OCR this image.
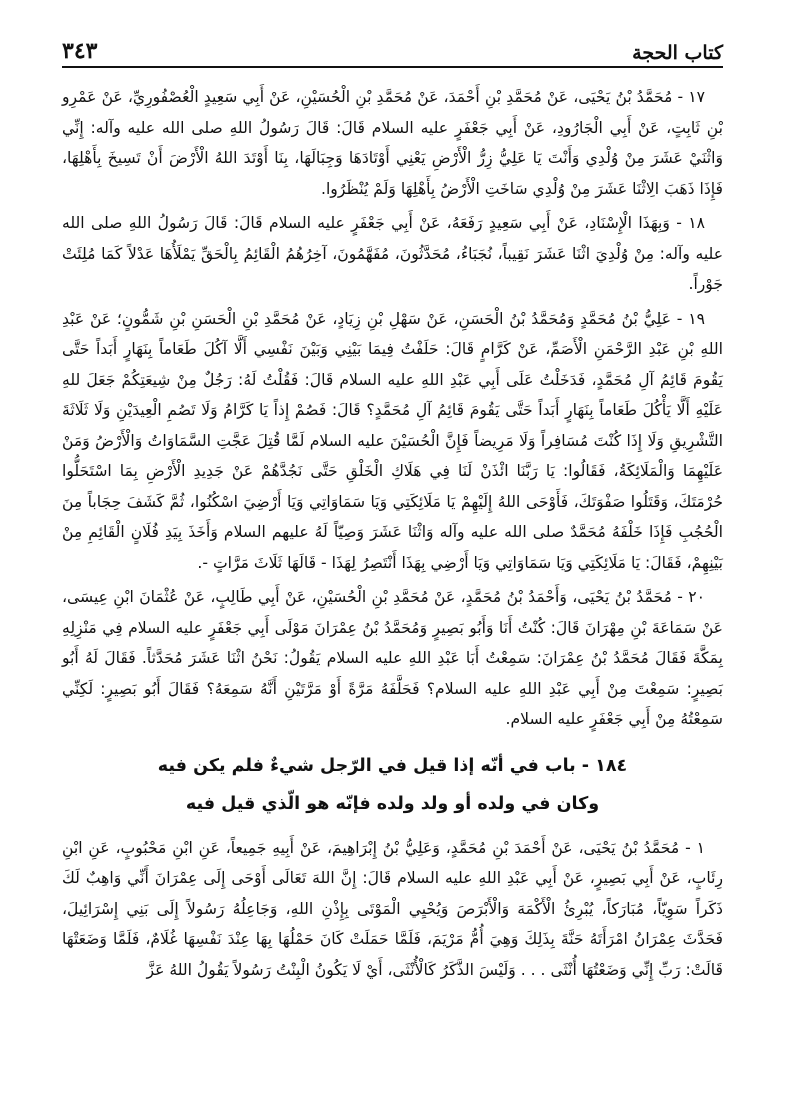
٣٤٣	كتاب الحجة

١٧ - مُحَمَّدُ بْنُ يَحْيَى، عَنْ مُحَمَّدِ بْنِ أَحْمَدَ، عَنْ مُحَمَّدِ بْنِ الْحُسَيْنِ، عَنْ أَبِي سَعِيدٍ الْعُصْفُورِيِّ، عَنْ عَمْرِو بْنِ ثَابِتٍ، عَنْ أَبِي الْجَارُودِ، عَنْ أَبِي جَعْفَرٍ عليه السلام قَالَ: قَالَ رَسُولُ اللهِ صلى الله عليه وآله: إِنِّي وَاثْنَيْ عَشَرَ مِنْ وُلْدِي وَأَنْتَ يَا عَلِيُّ زِرُّ الْأَرْضِ يَعْنِي أَوْتَادَهَا وَجِبَالَهَا، بِنَا أَوْتَدَ اللهُ الْأَرْضَ أَنْ تَسِيخَ بِأَهْلِهَا، فَإِذَا ذَهَبَ الِاثْنَا عَشَرَ مِنْ وُلْدِي سَاخَتِ الْأَرْضُ بِأَهْلِهَا وَلَمْ يُنْظَرُوا.

١٨ - وَبِهَذَا الْإِسْنَادِ، عَنْ أَبِي سَعِيدٍ رَفَعَهُ، عَنْ أَبِي جَعْفَرٍ عليه السلام قَالَ: قَالَ رَسُولُ اللهِ صلى الله عليه وآله: مِنْ وُلْدِيَ اثْنَا عَشَرَ نَقِيباً، نُجَبَاءُ، مُحَدَّثُونَ، مُفَهَّمُونَ، آخِرُهُمُ الْقَائِمُ بِالْحَقِّ يَمْلَأُهَا عَدْلاً كَمَا مُلِئَتْ جَوْراً.

١٩ - عَلِيُّ بْنُ مُحَمَّدٍ وَمُحَمَّدُ بْنُ الْحَسَنِ، عَنْ سَهْلِ بْنِ زِيَادٍ، عَنْ مُحَمَّدِ بْنِ الْحَسَنِ بْنِ شَمُّونٍ؛ عَنْ عَبْدِ اللهِ بْنِ عَبْدِ الرَّحْمَنِ الْأَصَمِّ، عَنْ كَرَّامٍ قَالَ: حَلَفْتُ فِيمَا بَيْنِي وَبَيْنَ نَفْسِي أَلَّا آكُلَ طَعَاماً بِنَهَارٍ أَبَداً حَتَّى يَقُومَ قَائِمُ آلِ مُحَمَّدٍ، فَدَخَلْتُ عَلَى أَبِي عَبْدِ اللهِ عليه السلام قَالَ: فَقُلْتُ لَهُ: رَجُلٌ مِنْ شِيعَتِكُمْ جَعَلَ للهِ عَلَيْهِ أَلَّا يَأْكُلَ طَعَاماً بِنَهَارٍ أَبَداً حَتَّى يَقُومَ قَائِمُ آلِ مُحَمَّدٍ؟ قَالَ: فَصُمْ إِذاً يَا كَرَّامُ وَلَا تَصُمِ الْعِيدَيْنِ وَلَا ثَلَاثَةَ التَّشْرِيقِ وَلَا إِذَا كُنْتَ مُسَافِراً وَلَا مَرِيضاً فَإِنَّ الْحُسَيْنَ عليه السلام لَمَّا قُتِلَ عَجَّتِ السَّمَاوَاتُ وَالْأَرْضُ وَمَنْ عَلَيْهِمَا وَالْمَلَائِكَةُ، فَقَالُوا: يَا رَبَّنَا ائْذَنْ لَنَا فِي هَلَاكِ الْخَلْقِ حَتَّى نَجُدَّهُمْ عَنْ جَدِيدِ الْأَرْضِ بِمَا اسْتَحَلُّوا حُرْمَتَكَ، وَقَتَلُوا صَفْوَتَكَ، فَأَوْحَى اللهُ إِلَيْهِمْ يَا مَلَائِكَتِي وَيَا سَمَاوَاتِي وَيَا أَرْضِيَ اسْكُنُوا، ثُمَّ كَشَفَ حِجَاباً مِنَ الْحُجُبِ فَإِذَا خَلْفَهُ مُحَمَّدٌ صلى الله عليه وآله وَاثْنَا عَشَرَ وَصِيّاً لَهُ عليهم السلام وَأَخَذَ بِيَدِ فُلَانٍ الْقَائِمِ مِنْ بَيْنِهِمْ، فَقَالَ: يَا مَلَائِكَتِي وَيَا سَمَاوَاتِي وَيَا أَرْضِي بِهَذَا أَنْتَصِرُ لِهَذَا - قَالَهَا ثَلَاثَ مَرَّاتٍ -.

٢٠ - مُحَمَّدُ بْنُ يَحْيَى، وَأَحْمَدُ بْنُ مُحَمَّدٍ، عَنْ مُحَمَّدِ بْنِ الْحُسَيْنِ، عَنْ أَبِي طَالِبٍ، عَنْ عُثْمَانَ ابْنِ عِيسَى، عَنْ سَمَاعَةَ بْنِ مِهْرَانَ قَالَ: كُنْتُ أَنَا وَأَبُو بَصِيرٍ وَمُحَمَّدُ بْنُ عِمْرَانَ مَوْلَى أَبِي جَعْفَرٍ عليه السلام فِي مَنْزِلِهِ بِمَكَّةَ فَقَالَ مُحَمَّدُ بْنُ عِمْرَانَ: سَمِعْتُ أَبَا عَبْدِ اللهِ عليه السلام يَقُولُ: نَحْنُ اثْنَا عَشَرَ مُحَدَّثاً. فَقَالَ لَهُ أَبُو بَصِيرٍ: سَمِعْتَ مِنْ أَبِي عَبْدِ اللهِ عليه السلام؟ فَحَلَّفَهُ مَرَّةً أَوْ مَرَّتَيْنِ أَنَّهُ سَمِعَهُ؟ فَقَالَ أَبُو بَصِيرٍ: لَكِنِّي سَمِعْتُهُ مِنْ أَبِي جَعْفَرٍ عليه السلام.

١٨٤ - باب في أنّه إذا قيل في الرّجل شيءٌ فلم يكن فيه
وكان في ولده أو ولد ولده فإنّه هو الّذي قيل فيه

١ - مُحَمَّدُ بْنُ يَحْيَى، عَنْ أَحْمَدَ بْنِ مُحَمَّدٍ، وَعَلِيُّ بْنُ إِبْرَاهِيمَ، عَنْ أَبِيهِ جَمِيعاً، عَنِ ابْنِ مَحْبُوبٍ، عَنِ ابْنِ رِئَابٍ، عَنْ أَبِي بَصِيرٍ، عَنْ أَبِي عَبْدِ اللهِ عليه السلام قَالَ: إِنَّ اللهَ تَعَالَى أَوْحَى إِلَى عِمْرَانَ أَنِّي وَاهِبٌ لَكَ ذَكَراً سَوِيّاً، مُبَارَكاً، يُبْرِئُ الْأَكْمَهَ وَالْأَبْرَصَ وَيُحْيِي الْمَوْتَى بِإِذْنِ اللهِ، وَجَاعِلُهُ رَسُولاً إِلَى بَنِي إِسْرَائِيلَ، فَحَدَّثَ عِمْرَانُ امْرَأَتَهُ حَنَّةَ بِذَلِكَ وَهِيَ أُمُّ مَرْيَمَ، فَلَمَّا حَمَلَتْ كَانَ حَمْلُهَا بِهَا عِنْدَ نَفْسِهَا غُلَامٌ، فَلَمَّا وَضَعَتْهَا قَالَتْ: رَبِّ إِنِّي وَضَعْتُهَا أُنْثَى . . . وَلَيْسَ الذَّكَرُ كَالْأُنْثَى، أَيْ لَا يَكُونُ الْبِنْتُ رَسُولاً يَقُولُ اللهُ عَزَّ
